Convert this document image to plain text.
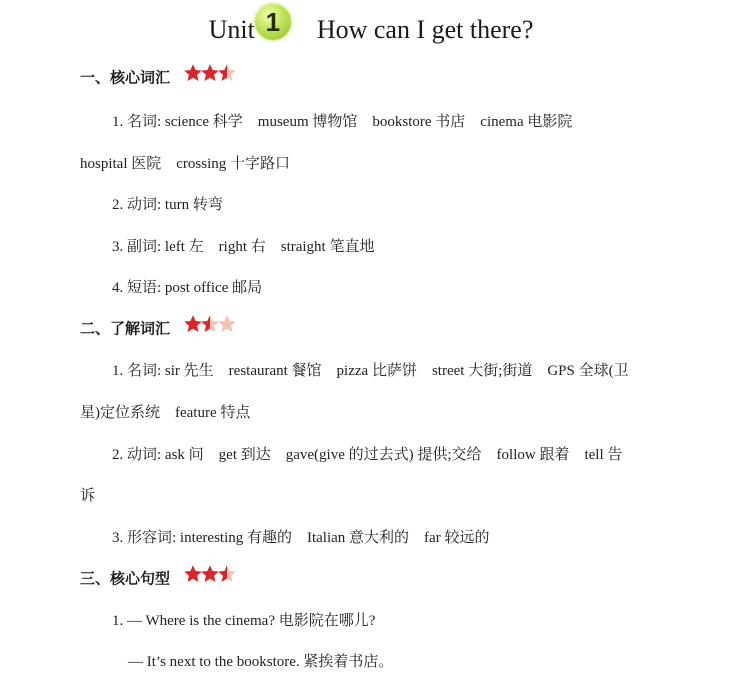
Unit 1	How can I get there?
一、核心词汇
1. 名词: science 科学　museum 博物馆　bookstore 书店　cinema 电影院
hospital 医院　crossing 十字路口
2. 动词: turn 转弯
3. 副词: left 左　right 右　straight 笔直地
4. 短语: post office 邮局
二、了解词汇
1. 名词: sir 先生　restaurant 餐馆　pizza 比萨饼　street 大街;街道　GPS 全球(卫
星)定位系统　feature 特点
2. 动词: ask 问　get 到达　gave(give 的过去式) 提供;交给　follow 跟着　tell 告
诉
3. 形容词: interesting 有趣的　Italian 意大利的　far 较远的
三、核心句型
1. — Where is the cinema? 电影院在哪儿?
— It’s next to the bookstore. 紧挨着书店。
